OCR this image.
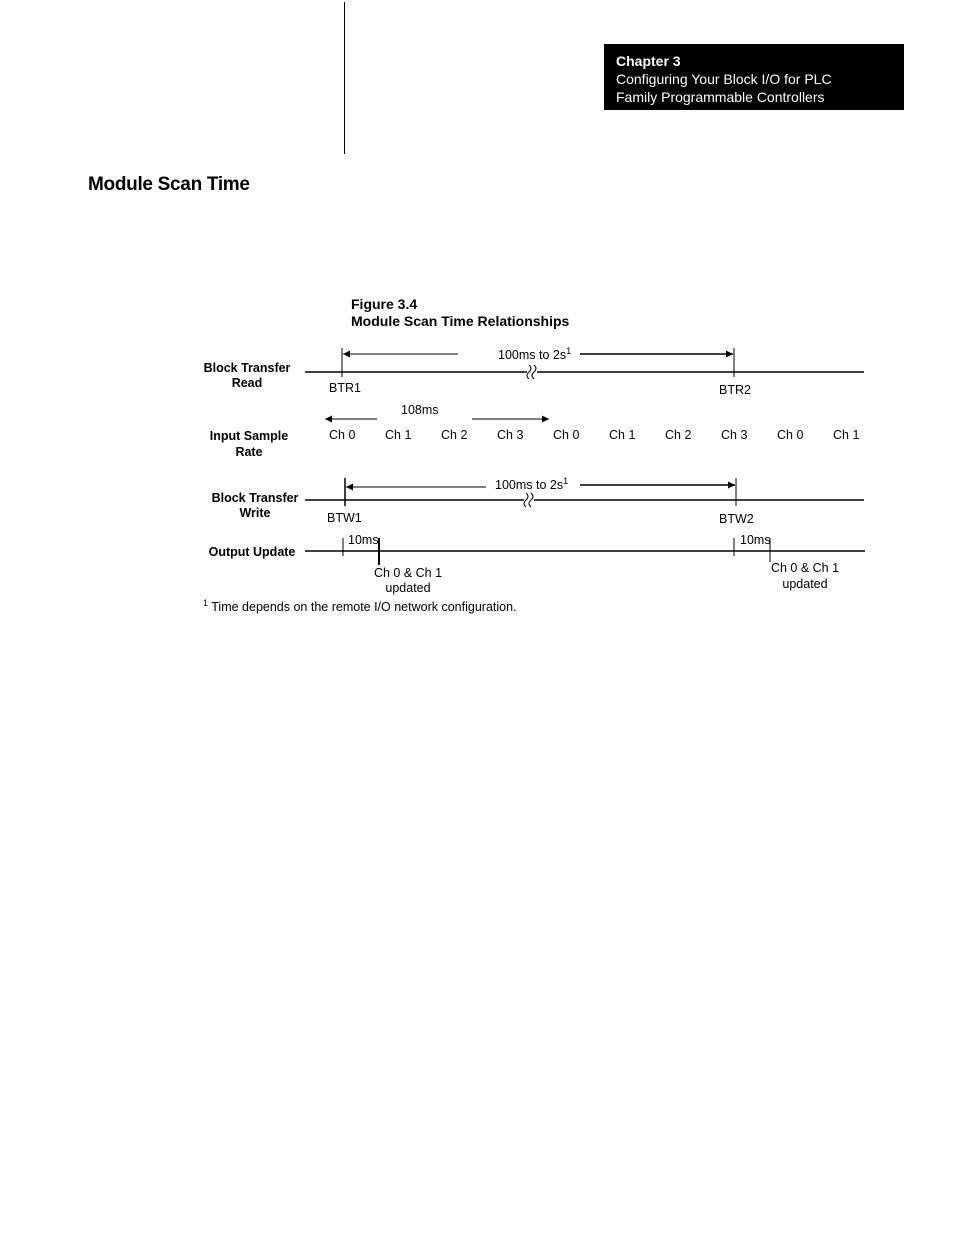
Chapter 3
Configuring Your Block I/O for PLC
Family Programmable Controllers
Module Scan Time
Figure 3.4
Module Scan Time Relationships
Block Transfer
Read
Input Sample
Rate
Block Transfer
Write
Output Update
100ms to $2s^1$
BTR1	BTR2
108ms
Ch 0 Ch 1 Ch 2 Ch 3 Ch 0 Ch 1 Ch 2 Ch 3 Ch 0 Ch 1
100ms to $2s^1$
BTW1	BTW2
10ms	10ms
Ch 0 & Ch 1
updated
Ch 0 & Ch 1
updated
$^1$ Time depends on the remote I/O network configuration.
